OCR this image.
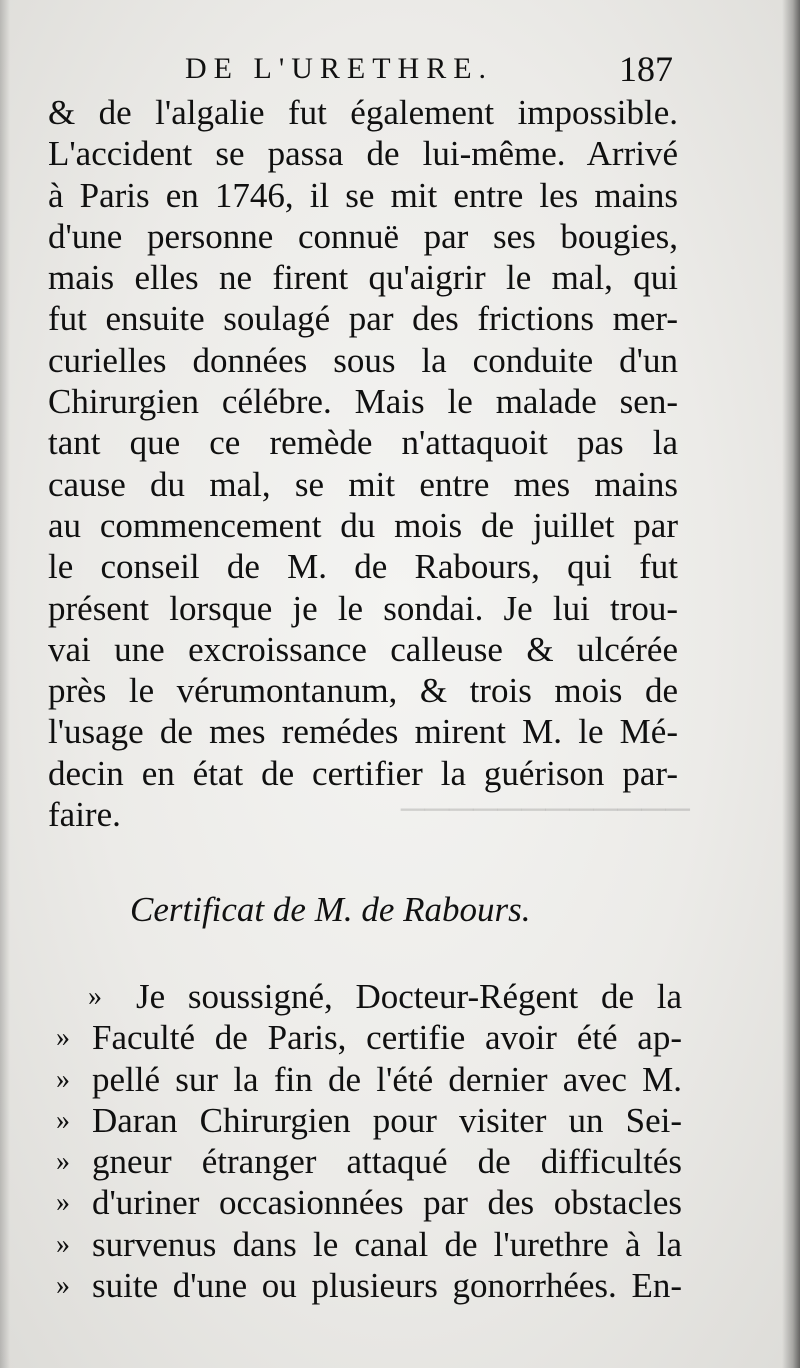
────────────
DE L'URETHRE.	187
& de l'algalie fut également impossible.
L'accident se passa de lui-même. Arrivé
à Paris en 1746, il se mit entre les mains
d'une personne connuë par ses bougies,
mais elles ne firent qu'aigrir le mal, qui
fut ensuite soulagé par des frictions mer-
curielles données sous la conduite d'un
Chirurgien célébre. Mais le malade sen-
tant que ce remède n'attaquoit pas la
cause du mal, se mit entre mes mains
au commencement du mois de juillet par
le conseil de M. de Rabours, qui fut
présent lorsque je le sondai. Je lui trou-
vai une excroissance calleuse & ulcérée
près le vérumontanum, & trois mois de
l'usage de mes remédes mirent M. le Mé-
decin en état de certifier la guérison par-
faire.
Certificat de M. de Rabours.
» Je soussigné, Docteur-Régent de la
» Faculté de Paris, certifie avoir été ap-
» pellé sur la fin de l'été dernier avec M.
» Daran Chirurgien pour visiter un Sei-
» gneur étranger attaqué de difficultés
» d'uriner occasionnées par des obstacles
» survenus dans le canal de l'urethre à la
» suite d'une ou plusieurs gonorrhées. En-
